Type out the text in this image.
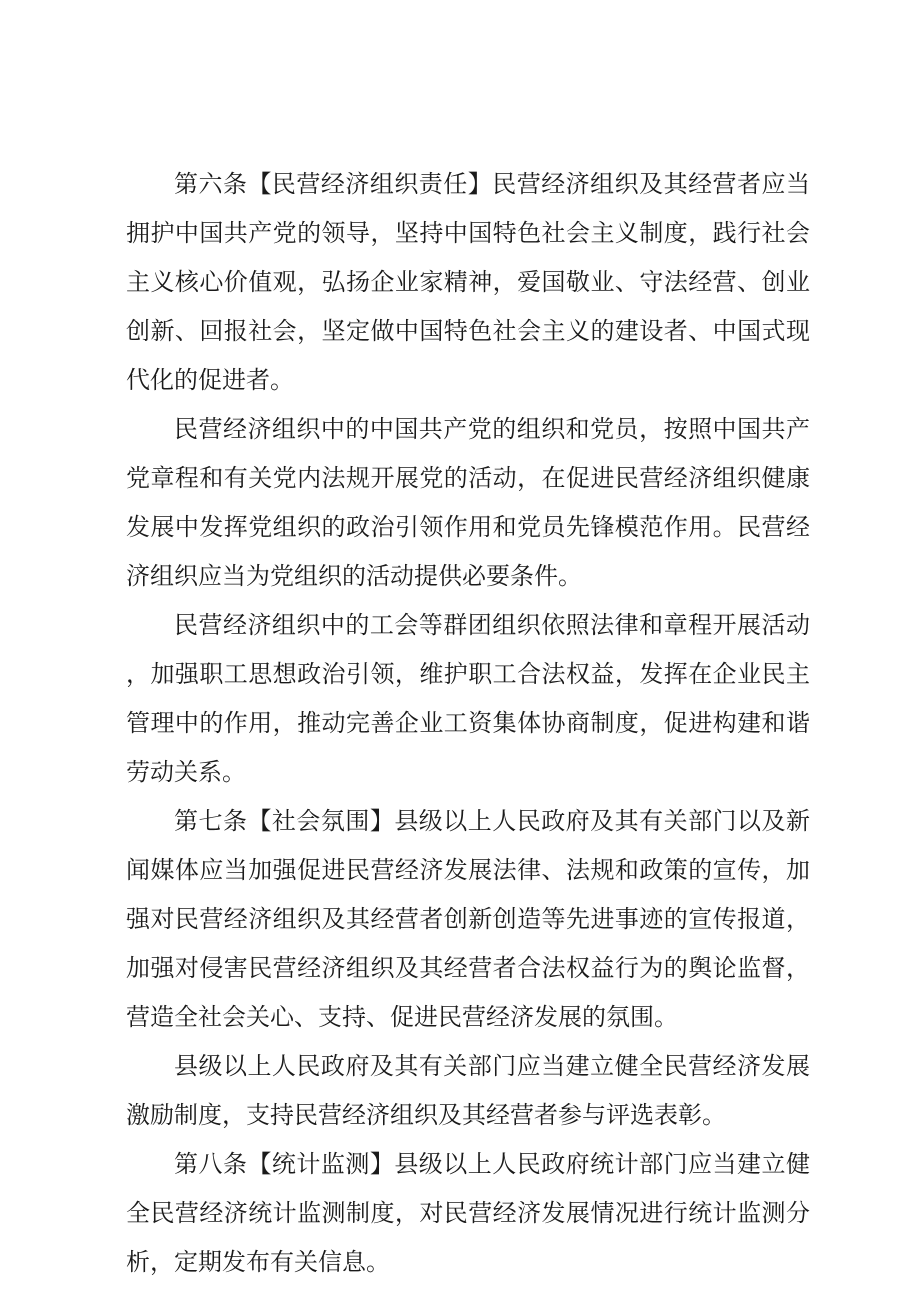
第六条【民营经济组织责任】民营经济组织及其经营者应当拥护中国共产党的领导，坚持中国特色社会主义制度，践行社会主义核心价值观，弘扬企业家精神，爱国敬业、守法经营、创业创新、回报社会，坚定做中国特色社会主义的建设者、中国式现代化的促进者。

民营经济组织中的中国共产党的组织和党员，按照中国共产党章程和有关党内法规开展党的活动，在促进民营经济组织健康发展中发挥党组织的政治引领作用和党员先锋模范作用。民营经济组织应当为党组织的活动提供必要条件。

民营经济组织中的工会等群团组织依照法律和章程开展活动，加强职工思想政治引领，维护职工合法权益，发挥在企业民主管理中的作用，推动完善企业工资集体协商制度，促进构建和谐劳动关系。

第七条【社会氛围】县级以上人民政府及其有关部门以及新闻媒体应当加强促进民营经济发展法律、法规和政策的宣传，加强对民营经济组织及其经营者创新创造等先进事迹的宣传报道，加强对侵害民营经济组织及其经营者合法权益行为的舆论监督，营造全社会关心、支持、促进民营经济发展的氛围。

县级以上人民政府及其有关部门应当建立健全民营经济发展激励制度，支持民营经济组织及其经营者参与评选表彰。

第八条【统计监测】县级以上人民政府统计部门应当建立健全民营经济统计监测制度，对民营经济发展情况进行统计监测分析，定期发布有关信息。
